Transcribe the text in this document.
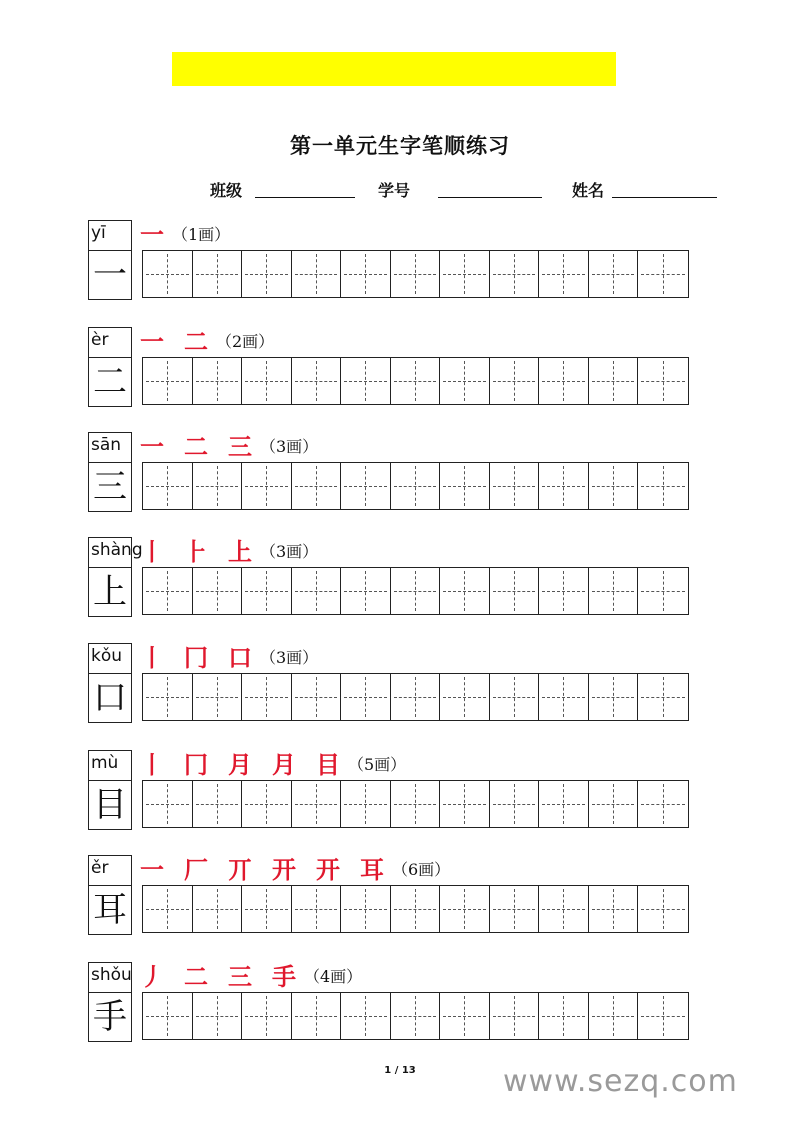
第一单元生字笔顺练习
班级	学号	姓名
yī
一
一 （1画）
èr
二
一 二 （2画）
sān
三
一 二 三 （3画）
shàng
上
丨 ⺊ 上 （3画）
kǒu
口
丨 冂 口 （3画）
mù
目
丨 冂 月 月 目 （5画）
ěr
耳
一 厂 丌 开 开 耳 （6画）
shǒu
手
丿 二 三 手 （4画）
1 / 13	www.sezq.com
